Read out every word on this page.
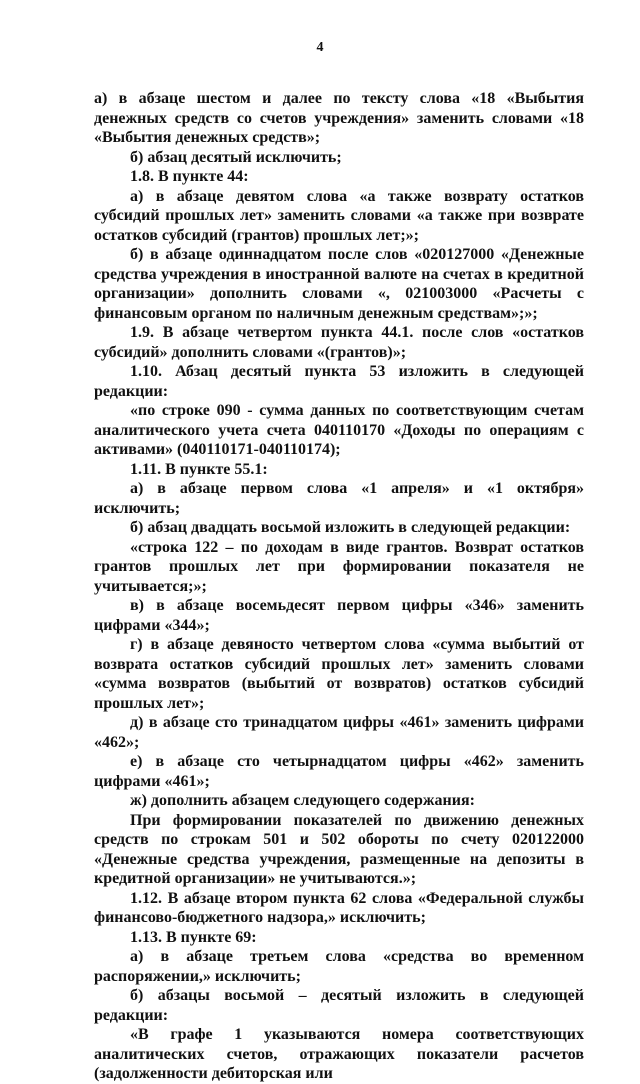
4

а) в абзаце шестом и далее по тексту слова «18 «Выбытия денежных средств со счетов учреждения» заменить словами «18 «Выбытия денежных средств»;

б) абзац десятый исключить;

1.8. В пункте 44:

а) в абзаце девятом слова «а также возврату остатков субсидий прошлых лет» заменить словами «а также при возврате остатков субсидий (грантов) прошлых лет;»;

б) в абзаце одиннадцатом после слов «020127000 «Денежные средства учреждения в иностранной валюте на счетах в кредитной организации» дополнить словами «, 021003000 «Расчеты с финансовым органом по наличным денежным средствам»;»;

1.9. В абзаце четвертом пункта 44.1. после слов «остатков субсидий» дополнить словами «(грантов)»;

1.10. Абзац десятый пункта 53 изложить в следующей редакции:

«по строке 090 - сумма данных по соответствующим счетам аналитического учета счета 040110170 «Доходы по операциям с активами» (040110171-040110174);

1.11. В пункте 55.1:

а) в абзаце первом слова «1 апреля» и «1 октября» исключить;

б) абзац двадцать восьмой изложить в следующей редакции:

«строка 122 – по доходам в виде грантов. Возврат остатков грантов прошлых лет при формировании показателя не учитывается;»;

в) в абзаце восемьдесят первом цифры «346» заменить цифрами «344»;

г) в абзаце девяносто четвертом слова «сумма выбытий от возврата остатков субсидий прошлых лет» заменить словами «сумма возвратов (выбытий от возвратов) остатков субсидий прошлых лет»;

д) в абзаце сто тринадцатом цифры «461» заменить цифрами «462»;

е) в абзаце сто четырнадцатом цифры «462» заменить цифрами «461»;

ж) дополнить абзацем следующего содержания:

При формировании показателей по движению денежных средств по строкам 501 и 502 обороты по счету 020122000 «Денежные средства учреждения, размещенные на депозиты в кредитной организации» не учитываются.»;

1.12. В абзаце втором пункта 62 слова «Федеральной службы финансово-бюджетного надзора,» исключить;

1.13. В пункте 69:

а) в абзаце третьем слова «средства во временном распоряжении,» исключить;

б) абзацы восьмой – десятый изложить в следующей редакции:

«В графе 1 указываются номера соответствующих аналитических счетов, отражающих показатели расчетов (задолженности дебиторская или
